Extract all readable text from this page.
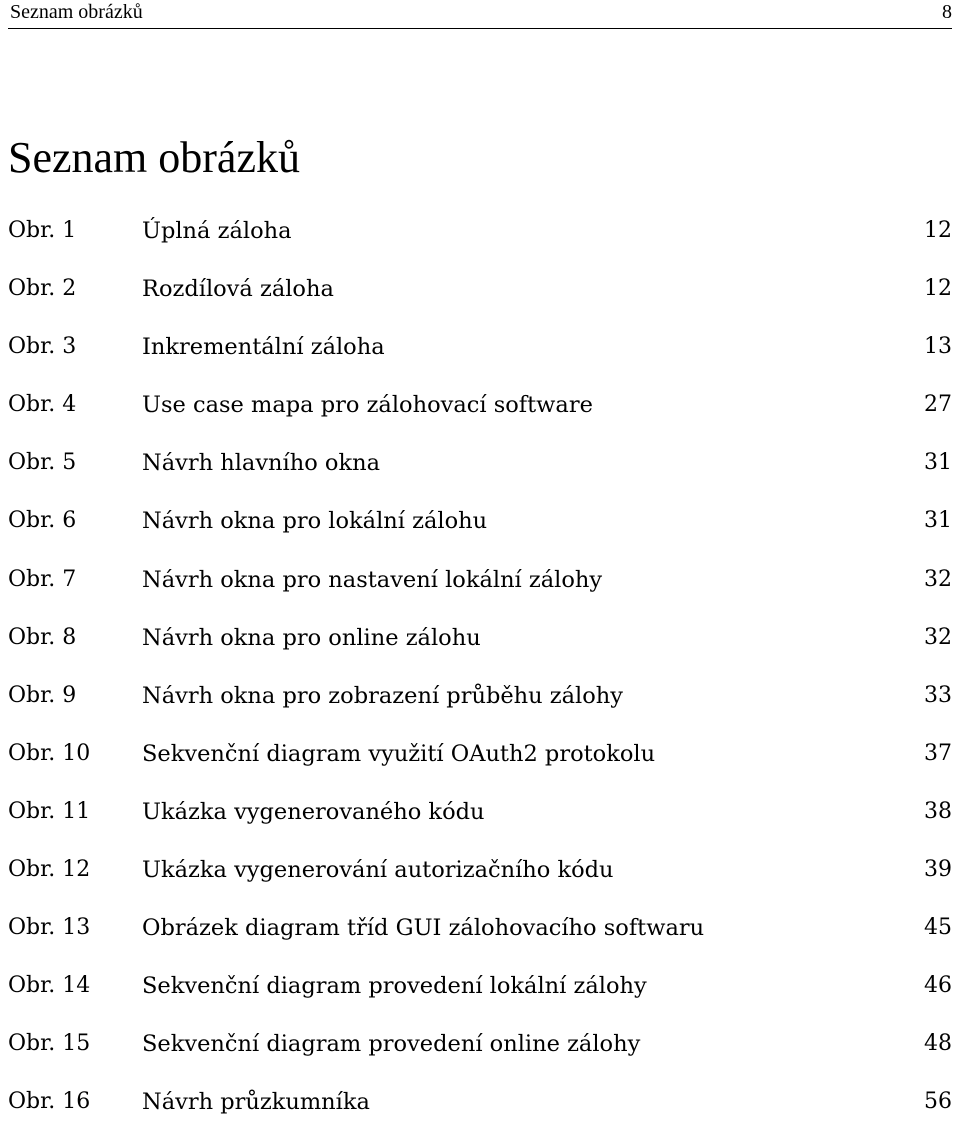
Seznam obrázků	8
Seznam obrázků
Obr. 1	Úplná záloha	12
Obr. 2	Rozdílová záloha	12
Obr. 3	Inkrementální záloha	13
Obr. 4	Use case mapa pro zálohovací software	27
Obr. 5	Návrh hlavního okna	31
Obr. 6	Návrh okna pro lokální zálohu	31
Obr. 7	Návrh okna pro nastavení lokální zálohy	32
Obr. 8	Návrh okna pro online zálohu	32
Obr. 9	Návrh okna pro zobrazení průběhu zálohy	33
Obr. 10 Sekvenční diagram využití OAuth2 protokolu	37
Obr. 11 Ukázka vygenerovaného kódu	38
Obr. 12 Ukázka vygenerování autorizačního kódu	39
Obr. 13 Obrázek diagram tříd GUI zálohovacího softwaru	45
Obr. 14 Sekvenční diagram provedení lokální zálohy	46
Obr. 15 Sekvenční diagram provedení online zálohy	48
Obr. 16 Návrh průzkumníka	56
